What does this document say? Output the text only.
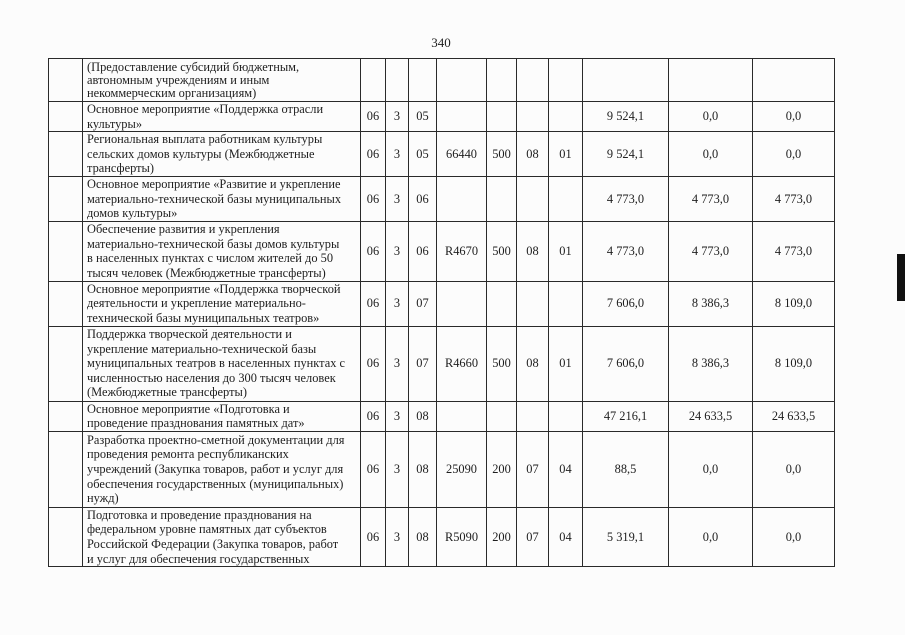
340
	(Предоставление субсидий бюджетным,
автономным учреждениям и иным
некоммерческим организациям)										
	Основное мероприятие «Поддержка отрасли
культуры»	06	3	05					9 524,1	0,0	0,0
	Региональная выплата работникам культуры
сельских домов культуры (Межбюджетные
трансферты)	06	3	05	66440	500	08	01	9 524,1	0,0	0,0
	Основное мероприятие «Развитие и укрепление
материально-технической базы муниципальных
домов культуры»	06	3	06					4 773,0	4 773,0	4 773,0
	Обеспечение развития и укрепления
материально-технической базы домов культуры
в населенных пунктах с числом жителей до 50
тысяч человек (Межбюджетные трансферты)	06	3	06	R4670	500	08	01	4 773,0	4 773,0	4 773,0
	Основное мероприятие «Поддержка творческой
деятельности и укрепление материально-
технической базы муниципальных театров»	06	3	07					7 606,0	8 386,3	8 109,0
	Поддержка творческой деятельности и
укрепление материально-технической базы
муниципальных театров в населенных пунктах с
численностью населения до 300 тысяч человек
(Межбюджетные трансферты)	06	3	07	R4660	500	08	01	7 606,0	8 386,3	8 109,0
	Основное мероприятие «Подготовка и
проведение празднования памятных дат»	06	3	08					47 216,1	24 633,5	24 633,5
	Разработка проектно-сметной документации для
проведения ремонта республиканских
учреждений (Закупка товаров, работ и услуг для
обеспечения государственных (муниципальных)
нужд)	06	3	08	25090	200	07	04	88,5	0,0	0,0
	Подготовка и проведение празднования на
федеральном уровне памятных дат субъектов
Российской Федерации (Закупка товаров, работ
и услуг для обеспечения государственных	06	3	08	R5090	200	07	04	5 319,1	0,0	0,0
